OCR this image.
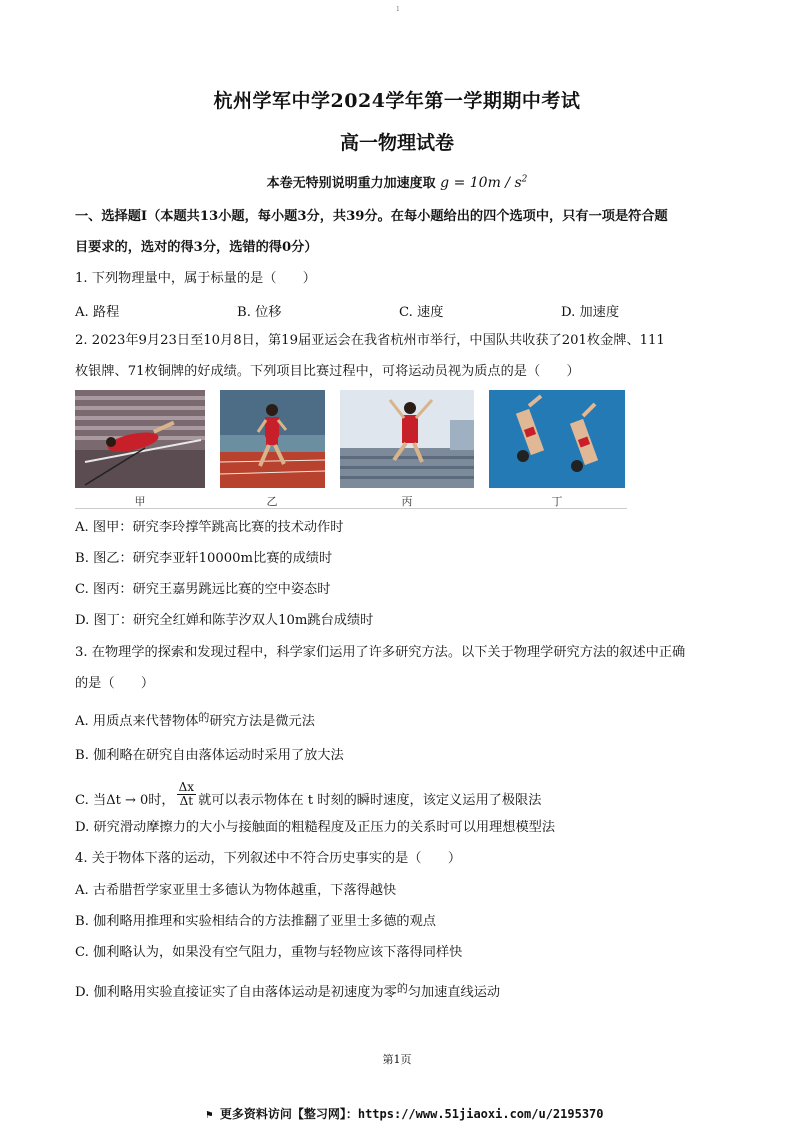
1
杭州学军中学2024学年第一学期期中考试
高一物理试卷
本卷无特别说明重力加速度取 $g = 10m / s^2$
一、选择题Ⅰ（本题共13小题，每小题3分，共39分。在每小题给出的四个选项中，只有一项是符合题
目要求的，选对的得3分，选错的得0分）
1. 下列物理量中，属于标量的是（　　）
A. 路程	B. 位移	C. 速度	D. 加速度
2. 2023年9月23日至10月8日，第19届亚运会在我省杭州市举行，中国队共收获了201枚金牌、111
枚银牌、71枚铜牌的好成绩。下列项目比赛过程中，可将运动员视为质点的是（　　）
甲	乙	丙	丁
A. 图甲：研究李玲撑竿跳高比赛的技术动作时
B. 图乙：研究李亚轩10000m比赛的成绩时
C. 图丙：研究王嘉男跳远比赛的空中姿态时
D. 图丁：研究全红婵和陈芋汐双人10m跳台成绩时
3. 在物理学的探索和发现过程中，科学家们运用了许多研究方法。以下关于物理学研究方法的叙述中正确
的是（　　）
A. 用质点来代替物体$^的$研究方法是微元法
B. 伽利略在研究自由落体运动时采用了放大法
C. 当Δt → 0时， $\frac{\Delta x}{\Delta t}$ 就可以表示物体在 t 时刻的瞬时速度，该定义运用了极限法
D. 研究滑动摩擦力的大小与接触面的粗糙程度及正压力的关系时可以用理想模型法
4. 关于物体下落的运动，下列叙述中不符合历史事实的是（　　）
A. 古希腊哲学家亚里士多德认为物体越重，下落得越快
B. 伽利略用推理和实验相结合的方法推翻了亚里士多德的观点
C. 伽利略认为，如果没有空气阻力，重物与轻物应该下落得同样快
D. 伽利略用实验直接证实了自由落体运动是初速度为零$^的$匀加速直线运动
第1页
⚑ 更多资料访问【整习网】：https://www.51jiaoxi.com/u/2195370
